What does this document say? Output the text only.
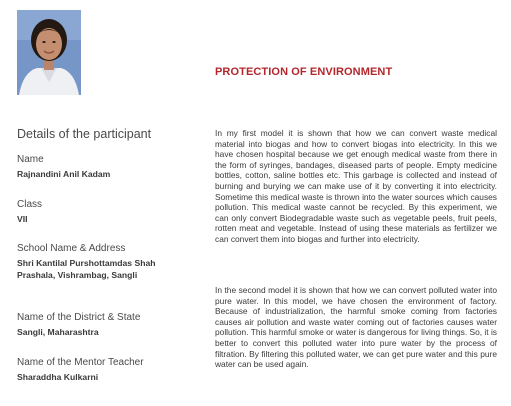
PROTECTION OF ENVIRONMENT
Details of the participant
Name
Rajnandini Anil Kadam
Class
VII
School Name & Address
Shri Kantilal Purshottamdas Shah Prashala, Vishrambag, Sangli
Name of the District & State
Sangli, Maharashtra
Name of the Mentor Teacher
Sharaddha Kulkarni

In my first model it is shown that how we can convert waste medical material into biogas and how to convert biogas into electricity. In this we have chosen hospital because we get enough medical waste from there in the form of syringes, bandages, diseased parts of people. Empty medicine bottles, cotton, saline bottles etc. This garbage is collected and instead of burning and burying we can make use of it by converting it into electricity. Sometime this medical waste is thrown into the water sources which causes pollution. This medical waste cannot be recycled. By this experiment, we can only convert Biodegradable waste such as vegetable peels, fruit peels, rotten meat and vegetable. Instead of using these materials as fertilizer we can convert them into biogas and further into electricity.

In the second model it is shown that how we can convert polluted water into pure water. In this model, we have chosen the environment of factory. Because of industrialization, the harmful smoke coming from factories causes air pollution and waste water coming out of factories causes water pollution. This harmful smoke or water is dangerous for living things. So, it is better to convert this polluted water into pure water by the process of filtration. By filtering this polluted water, we can get pure water and this pure water can be used again.
